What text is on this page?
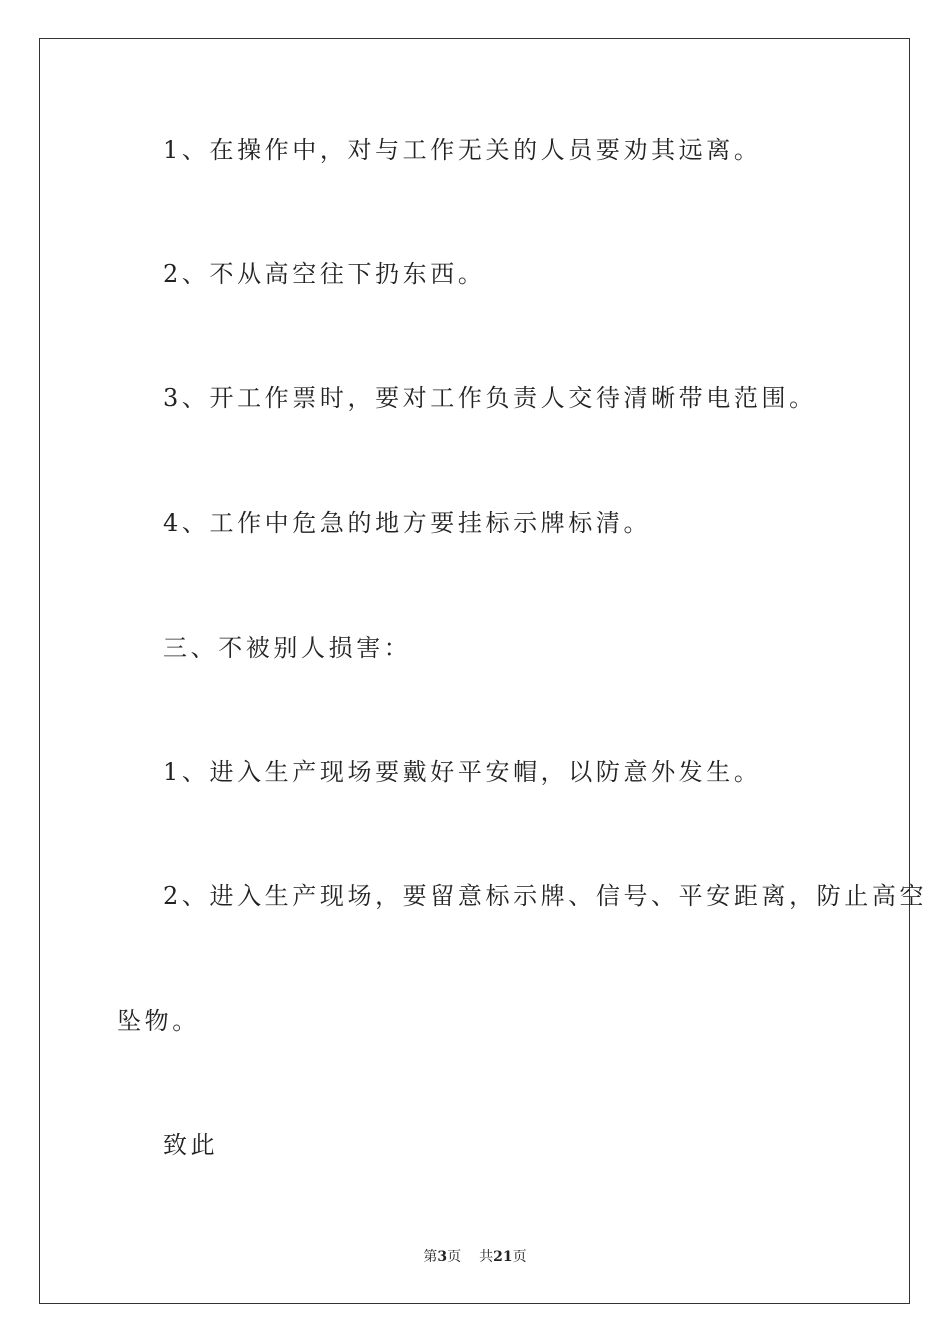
1、在操作中，对与工作无关的人员要劝其远离。
2、不从高空往下扔东西。
3、开工作票时，要对工作负责人交待清晰带电范围。
4、工作中危急的地方要挂标示牌标清。
三、不被别人损害：
1、进入生产现场要戴好平安帽，以防意外发生。
2、进入生产现场，要留意标示牌、信号、平安距离，防止高空
坠物。
致此
第3页 共21页
